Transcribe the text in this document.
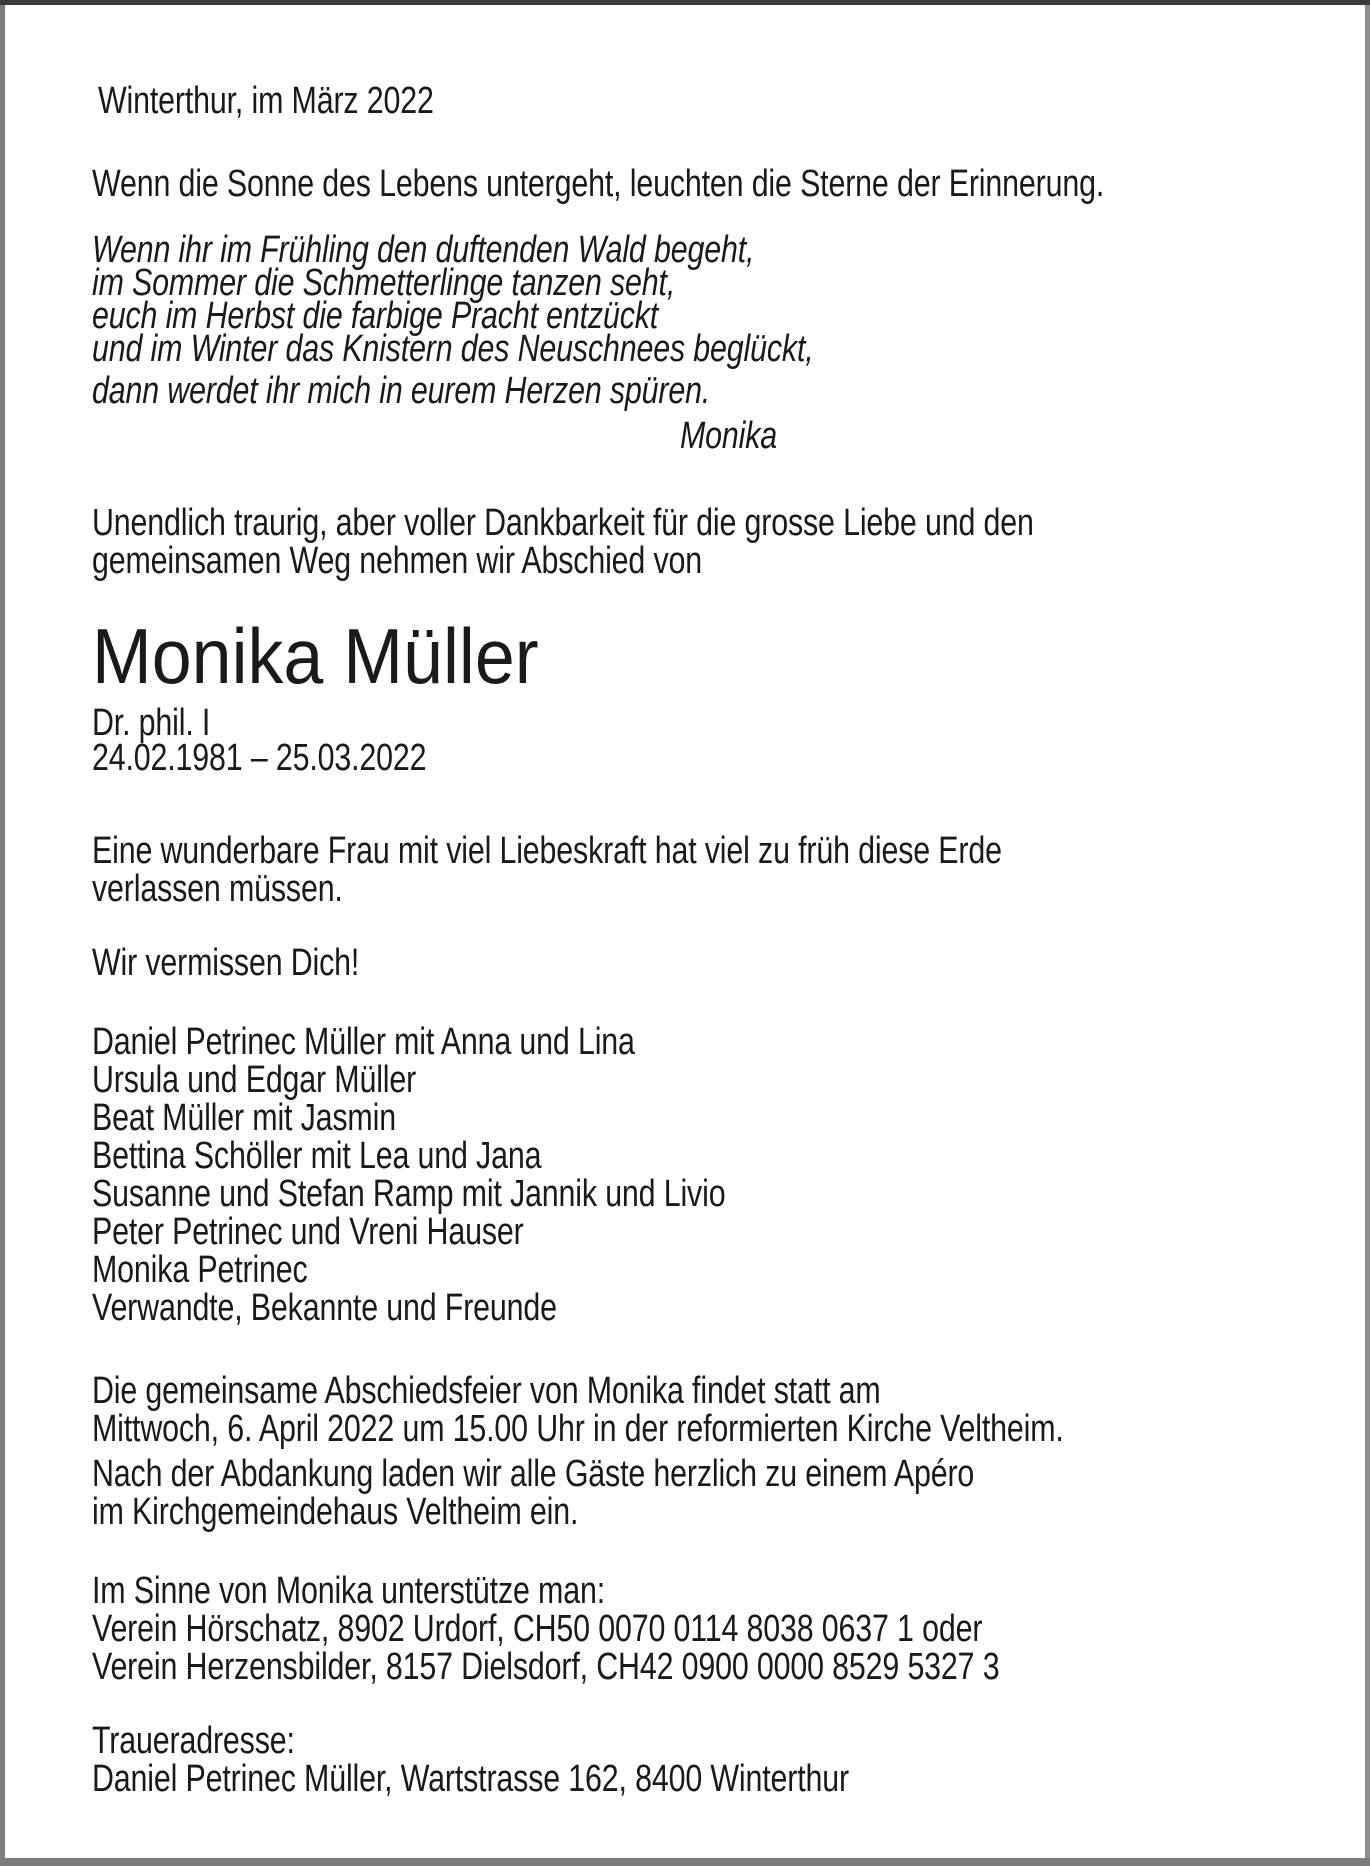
Winterthur, im März 2022
Wenn die Sonne des Lebens untergeht, leuchten die Sterne der Erinnerung.
Wenn ihr im Frühling den duftenden Wald begeht,
im Sommer die Schmetterlinge tanzen seht,
euch im Herbst die farbige Pracht entzückt
und im Winter das Knistern des Neuschnees beglückt,
dann werdet ihr mich in eurem Herzen spüren.
Monika
Unendlich traurig, aber voller Dankbarkeit für die grosse Liebe und den
gemeinsamen Weg nehmen wir Abschied von
Monika Müller
Dr. phil. I
24.02.1981 – 25.03.2022
Eine wunderbare Frau mit viel Liebeskraft hat viel zu früh diese Erde
verlassen müssen.
Wir vermissen Dich!
Daniel Petrinec Müller mit Anna und Lina
Ursula und Edgar Müller
Beat Müller mit Jasmin
Bettina Schöller mit Lea und Jana
Susanne und Stefan Ramp mit Jannik und Livio
Peter Petrinec und Vreni Hauser
Monika Petrinec
Verwandte, Bekannte und Freunde
Die gemeinsame Abschiedsfeier von Monika findet statt am
Mittwoch, 6. April 2022 um 15.00 Uhr in der reformierten Kirche Veltheim.
Nach der Abdankung laden wir alle Gäste herzlich zu einem Apéro
im Kirchgemeindehaus Veltheim ein.
Im Sinne von Monika unterstütze man:
Verein Hörschatz, 8902 Urdorf, CH50 0070 0114 8038 0637 1 oder
Verein Herzensbilder, 8157 Dielsdorf, CH42 0900 0000 8529 5327 3
Traueradresse:
Daniel Petrinec Müller, Wartstrasse 162, 8400 Winterthur
